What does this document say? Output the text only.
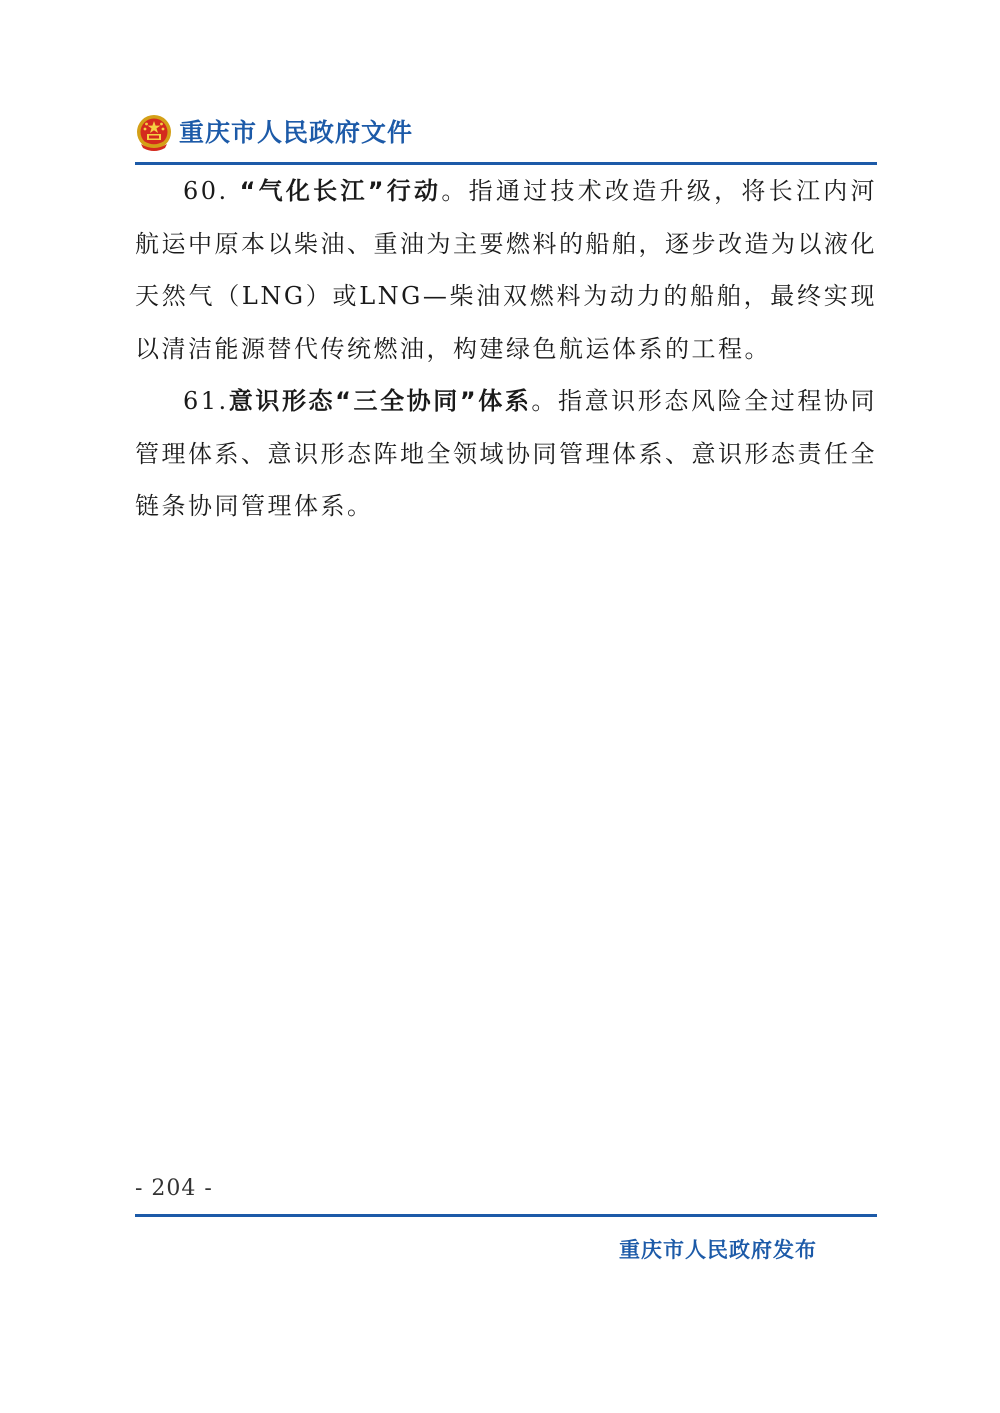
重庆市人民政府文件

60. “气化长江”行动。指通过技术改造升级，将长江内河航运中原本以柴油、重油为主要燃料的船舶，逐步改造为以液化天然气（LNG）或LNG—柴油双燃料为动力的船舶，最终实现以清洁能源替代传统燃油，构建绿色航运体系的工程。

61.意识形态“三全协同”体系。指意识形态风险全过程协同管理体系、意识形态阵地全领域协同管理体系、意识形态责任全链条协同管理体系。

- 204 -
重庆市人民政府发布
